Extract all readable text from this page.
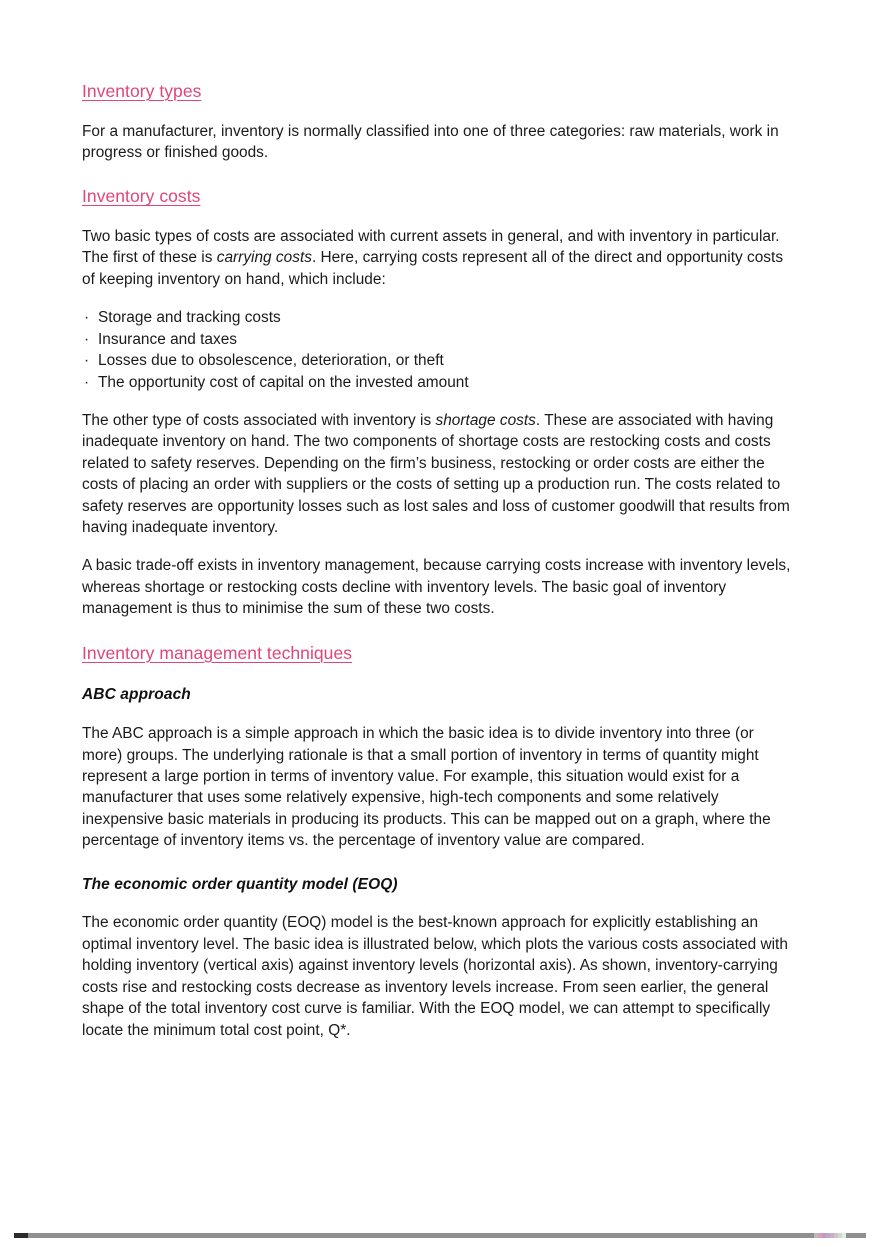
Inventory types

For a manufacturer, inventory is normally classified into one of three categories: raw materials, work in progress or finished goods.

Inventory costs

Two basic types of costs are associated with current assets in general, and with inventory in particular. The first of these is carrying costs. Here, carrying costs represent all of the direct and opportunity costs of keeping inventory on hand, which include:

· Storage and tracking costs
· Insurance and taxes
· Losses due to obsolescence, deterioration, or theft
· The opportunity cost of capital on the invested amount

The other type of costs associated with inventory is shortage costs. These are associated with having inadequate inventory on hand. The two components of shortage costs are restocking costs and costs related to safety reserves. Depending on the firm’s business, restocking or order costs are either the costs of placing an order with suppliers or the costs of setting up a production run. The costs related to safety reserves are opportunity losses such as lost sales and loss of customer goodwill that results from having inadequate inventory.

A basic trade-off exists in inventory management, because carrying costs increase with inventory levels, whereas shortage or restocking costs decline with inventory levels. The basic goal of inventory management is thus to minimise the sum of these two costs.

Inventory management techniques
ABC approach

The ABC approach is a simple approach in which the basic idea is to divide inventory into three (or more) groups. The underlying rationale is that a small portion of inventory in terms of quantity might represent a large portion in terms of inventory value. For example, this situation would exist for a manufacturer that uses some relatively expensive, high-tech components and some relatively inexpensive basic materials in producing its products. This can be mapped out on a graph, where the percentage of inventory items vs. the percentage of inventory value are compared.

The economic order quantity model (EOQ)

The economic order quantity (EOQ) model is the best-known approach for explicitly establishing an optimal inventory level. The basic idea is illustrated below, which plots the various costs associated with holding inventory (vertical axis) against inventory levels (horizontal axis). As shown, inventory-carrying costs rise and restocking costs decrease as inventory levels increase. From seen earlier, the general shape of the total inventory cost curve is familiar. With the EOQ model, we can attempt to specifically locate the minimum total cost point, Q*.
